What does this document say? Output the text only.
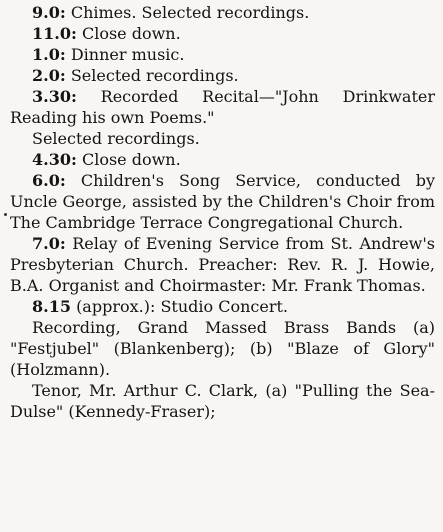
9.0: Chimes. Selected recordings.

11.0: Close down.

1.0: Dinner music.

2.0: Selected recordings.

3.30: Recorded Recital—"John Drinkwater Reading his own Poems."

Selected recordings.

4.30: Close down.

6.0: Children's Song Service, conducted by Uncle George, assisted by the Children's Choir from The Cambridge Terrace Congregational Church.

7.0: Relay of Evening Service from St. Andrew's Presbyterian Church. Preacher: Rev. R. J. Howie, B.A. Organist and Choirmaster: Mr. Frank Thomas.

8.15 (approx.): Studio Concert.

Recording, Grand Massed Brass Bands (a) "Festjubel" (Blankenberg); (b) "Blaze of Glory" (Holzmann).

Tenor, Mr. Arthur C. Clark, (a) "Pulling the Sea-Dulse" (Kennedy-Fraser);
